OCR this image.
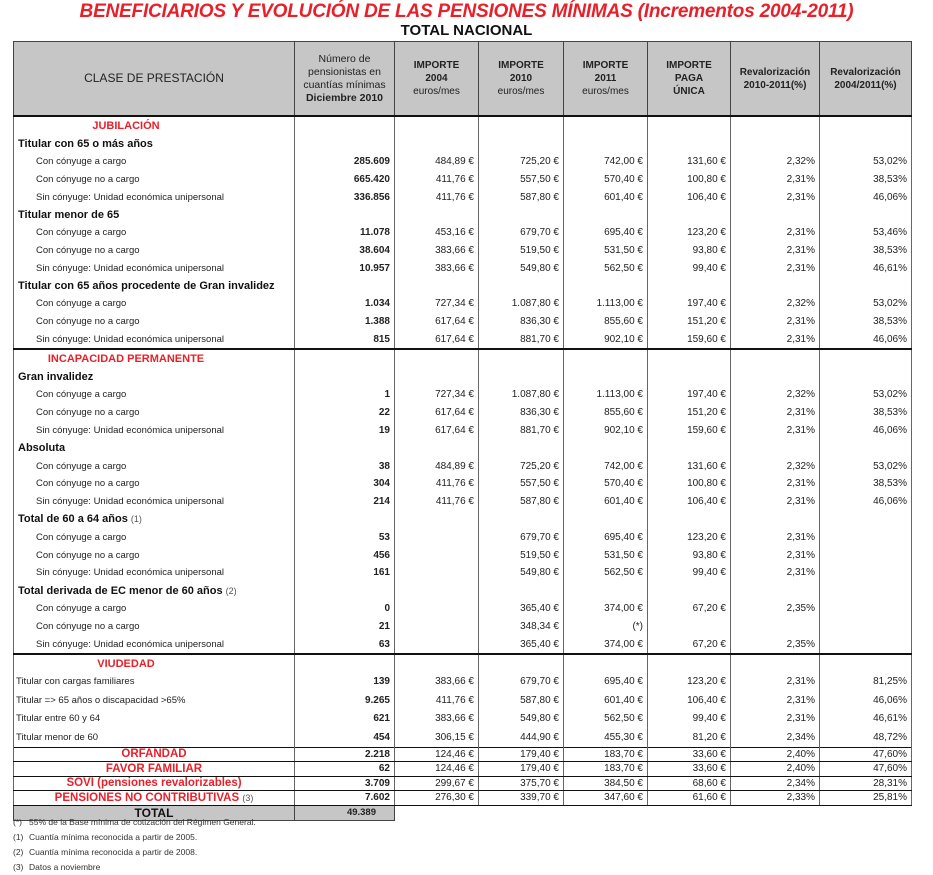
BENEFICIARIOS Y EVOLUCIÓN DE LAS PENSIONES MÍNIMAS (Incrementos 2004-2011)
TOTAL NACIONAL
CLASE DE PRESTACIÓN	Número de
pensionistas en
cuantías mínimas
Diciembre 2010	IMPORTE
2004
euros/mes	IMPORTE
2010
euros/mes	IMPORTE
2011
euros/mes	IMPORTE
PAGA
ÚNICA	Revalorización
2010-2011(%)	Revalorización
2004/2011(%)
JUBILACIÓN							
Titular con 65 o más años							
Con cónyuge a cargo	285.609	484,89 €	725,20 €	742,00 €	131,60 €	2,32%	53,02%
Con cónyuge no a cargo	665.420	411,76 €	557,50 €	570,40 €	100,80 €	2,31%	38,53%
Sin cónyuge: Unidad económica unipersonal	336.856	411,76 €	587,80 €	601,40 €	106,40 €	2,31%	46,06%
Titular menor de 65							
Con cónyuge a cargo	11.078	453,16 €	679,70 €	695,40 €	123,20 €	2,31%	53,46%
Con cónyuge no a cargo	38.604	383,66 €	519,50 €	531,50 €	93,80 €	2,31%	38,53%
Sin cónyuge: Unidad económica unipersonal	10.957	383,66 €	549,80 €	562,50 €	99,40 €	2,31%	46,61%
Titular con 65 años procedente de Gran invalidez							
Con cónyuge a cargo	1.034	727,34 €	1.087,80 €	1.113,00 €	197,40 €	2,32%	53,02%
Con cónyuge no a cargo	1.388	617,64 €	836,30 €	855,60 €	151,20 €	2,31%	38,53%
Sin cónyuge: Unidad económica unipersonal	815	617,64 €	881,70 €	902,10 €	159,60 €	2,31%	46,06%
INCAPACIDAD PERMANENTE							
Gran invalidez							
Con cónyuge a cargo	1	727,34 €	1.087,80 €	1.113,00 €	197,40 €	2,32%	53,02%
Con cónyuge no a cargo	22	617,64 €	836,30 €	855,60 €	151,20 €	2,31%	38,53%
Sin cónyuge: Unidad económica unipersonal	19	617,64 €	881,70 €	902,10 €	159,60 €	2,31%	46,06%
Absoluta							
Con cónyuge a cargo	38	484,89 €	725,20 €	742,00 €	131,60 €	2,32%	53,02%
Con cónyuge no a cargo	304	411,76 €	557,50 €	570,40 €	100,80 €	2,31%	38,53%
Sin cónyuge: Unidad económica unipersonal	214	411,76 €	587,80 €	601,40 €	106,40 €	2,31%	46,06%
Total de 60 a 64 años (1)							
Con cónyuge a cargo	53		679,70 €	695,40 €	123,20 €	2,31%	
Con cónyuge no a cargo	456		519,50 €	531,50 €	93,80 €	2,31%	
Sin cónyuge: Unidad económica unipersonal	161		549,80 €	562,50 €	99,40 €	2,31%	
Total derivada de EC menor de 60 años (2)							
Con cónyuge a cargo	0		365,40 €	374,00 €	67,20 €	2,35%	
Con cónyuge no a cargo	21		348,34 €	(*)			
Sin cónyuge: Unidad económica unipersonal	63		365,40 €	374,00 €	67,20 €	2,35%	
VIUDEDAD							
Titular con cargas familiares	139	383,66 €	679,70 €	695,40 €	123,20 €	2,31%	81,25%
Titular => 65 años o discapacidad >65%	9.265	411,76 €	587,80 €	601,40 €	106,40 €	2,31%	46,06%
Titular entre 60 y 64	621	383,66 €	549,80 €	562,50 €	99,40 €	2,31%	46,61%
Titular menor de 60	454	306,15 €	444,90 €	455,30 €	81,20 €	2,34%	48,72%
ORFANDAD	2.218	124,46 €	179,40 €	183,70 €	33,60 €	2,40%	47,60%
FAVOR FAMILIAR	62	124,46 €	179,40 €	183,70 €	33,60 €	2,40%	47,60%
SOVI (pensiones revalorizables)	3.709	299,67 €	375,70 €	384,50 €	68,60 €	2,34%	28,31%
PENSIONES NO CONTRIBUTIVAS (3)	7.602	276,30 €	339,70 €	347,60 €	61,60 €	2,33%	25,81%
TOTAL	49.389						
(*) 55% de la Base mínima de cotización del Régimen General.
(1) Cuantía mínima reconocida a partir de 2005.
(2) Cuantía mínima reconocida a partir de 2008.
(3) Datos a noviembre
